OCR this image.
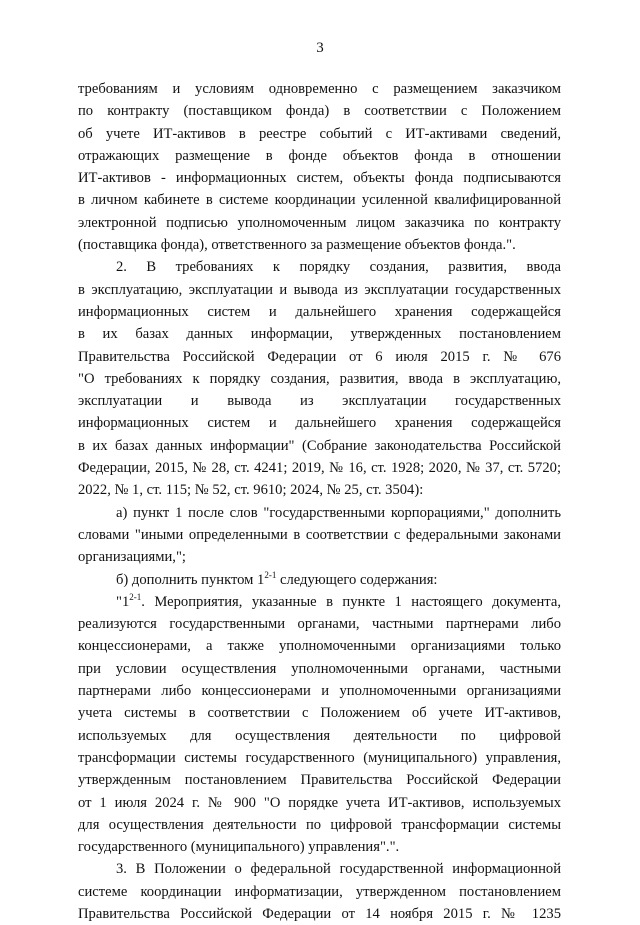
3
требованиям и условиям одновременно с размещением заказчиком
по контракту (поставщиком фонда) в соответствии с Положением
об учете ИТ-активов в реестре событий с ИТ-активами сведений,
отражающих размещение в фонде объектов фонда в отношении
ИТ-активов - информационных систем, объекты фонда подписываются
в личном кабинете в системе координации усиленной квалифицированной
электронной подписью уполномоченным лицом заказчика по контракту
(поставщика фонда), ответственного за размещение объектов фонда.".
2. В требованиях к порядку создания, развития, ввода
в эксплуатацию, эксплуатации и вывода из эксплуатации государственных
информационных систем и дальнейшего хранения содержащейся
в их базах данных информации, утвержденных постановлением
Правительства Российской Федерации от 6 июля 2015 г. № 676
"О требованиях к порядку создания, развития, ввода в эксплуатацию,
эксплуатации и вывода из эксплуатации государственных
информационных систем и дальнейшего хранения содержащейся
в их базах данных информации" (Собрание законодательства Российской
Федерации, 2015, № 28, ст. 4241; 2019, № 16, ст. 1928; 2020, № 37, ст. 5720;
2022, № 1, ст. 115; № 52, ст. 9610; 2024, № 25, ст. 3504):
а) пункт 1 после слов "государственными корпорациями," дополнить
словами "иными определенными в соответствии с федеральными законами
организациями,";
б) дополнить пунктом 1$^{2-1}$ следующего содержания:
"1$^{2-1}$. Мероприятия, указанные в пункте 1 настоящего документа,
реализуются государственными органами, частными партнерами либо
концессионерами, а также уполномоченными организациями только
при условии осуществления уполномоченными органами, частными
партнерами либо концессионерами и уполномоченными организациями
учета системы в соответствии с Положением об учете ИТ-активов,
используемых для осуществления деятельности по цифровой
трансформации системы государственного (муниципального) управления,
утвержденным постановлением Правительства Российской Федерации
от 1 июля 2024 г. № 900 "О порядке учета ИТ-активов, используемых
для осуществления деятельности по цифровой трансформации системы
государственного (муниципального) управления".".
3. В Положении о федеральной государственной информационной
системе координации информатизации, утвержденном постановлением
Правительства Российской Федерации от 14 ноября 2015 г. № 1235
